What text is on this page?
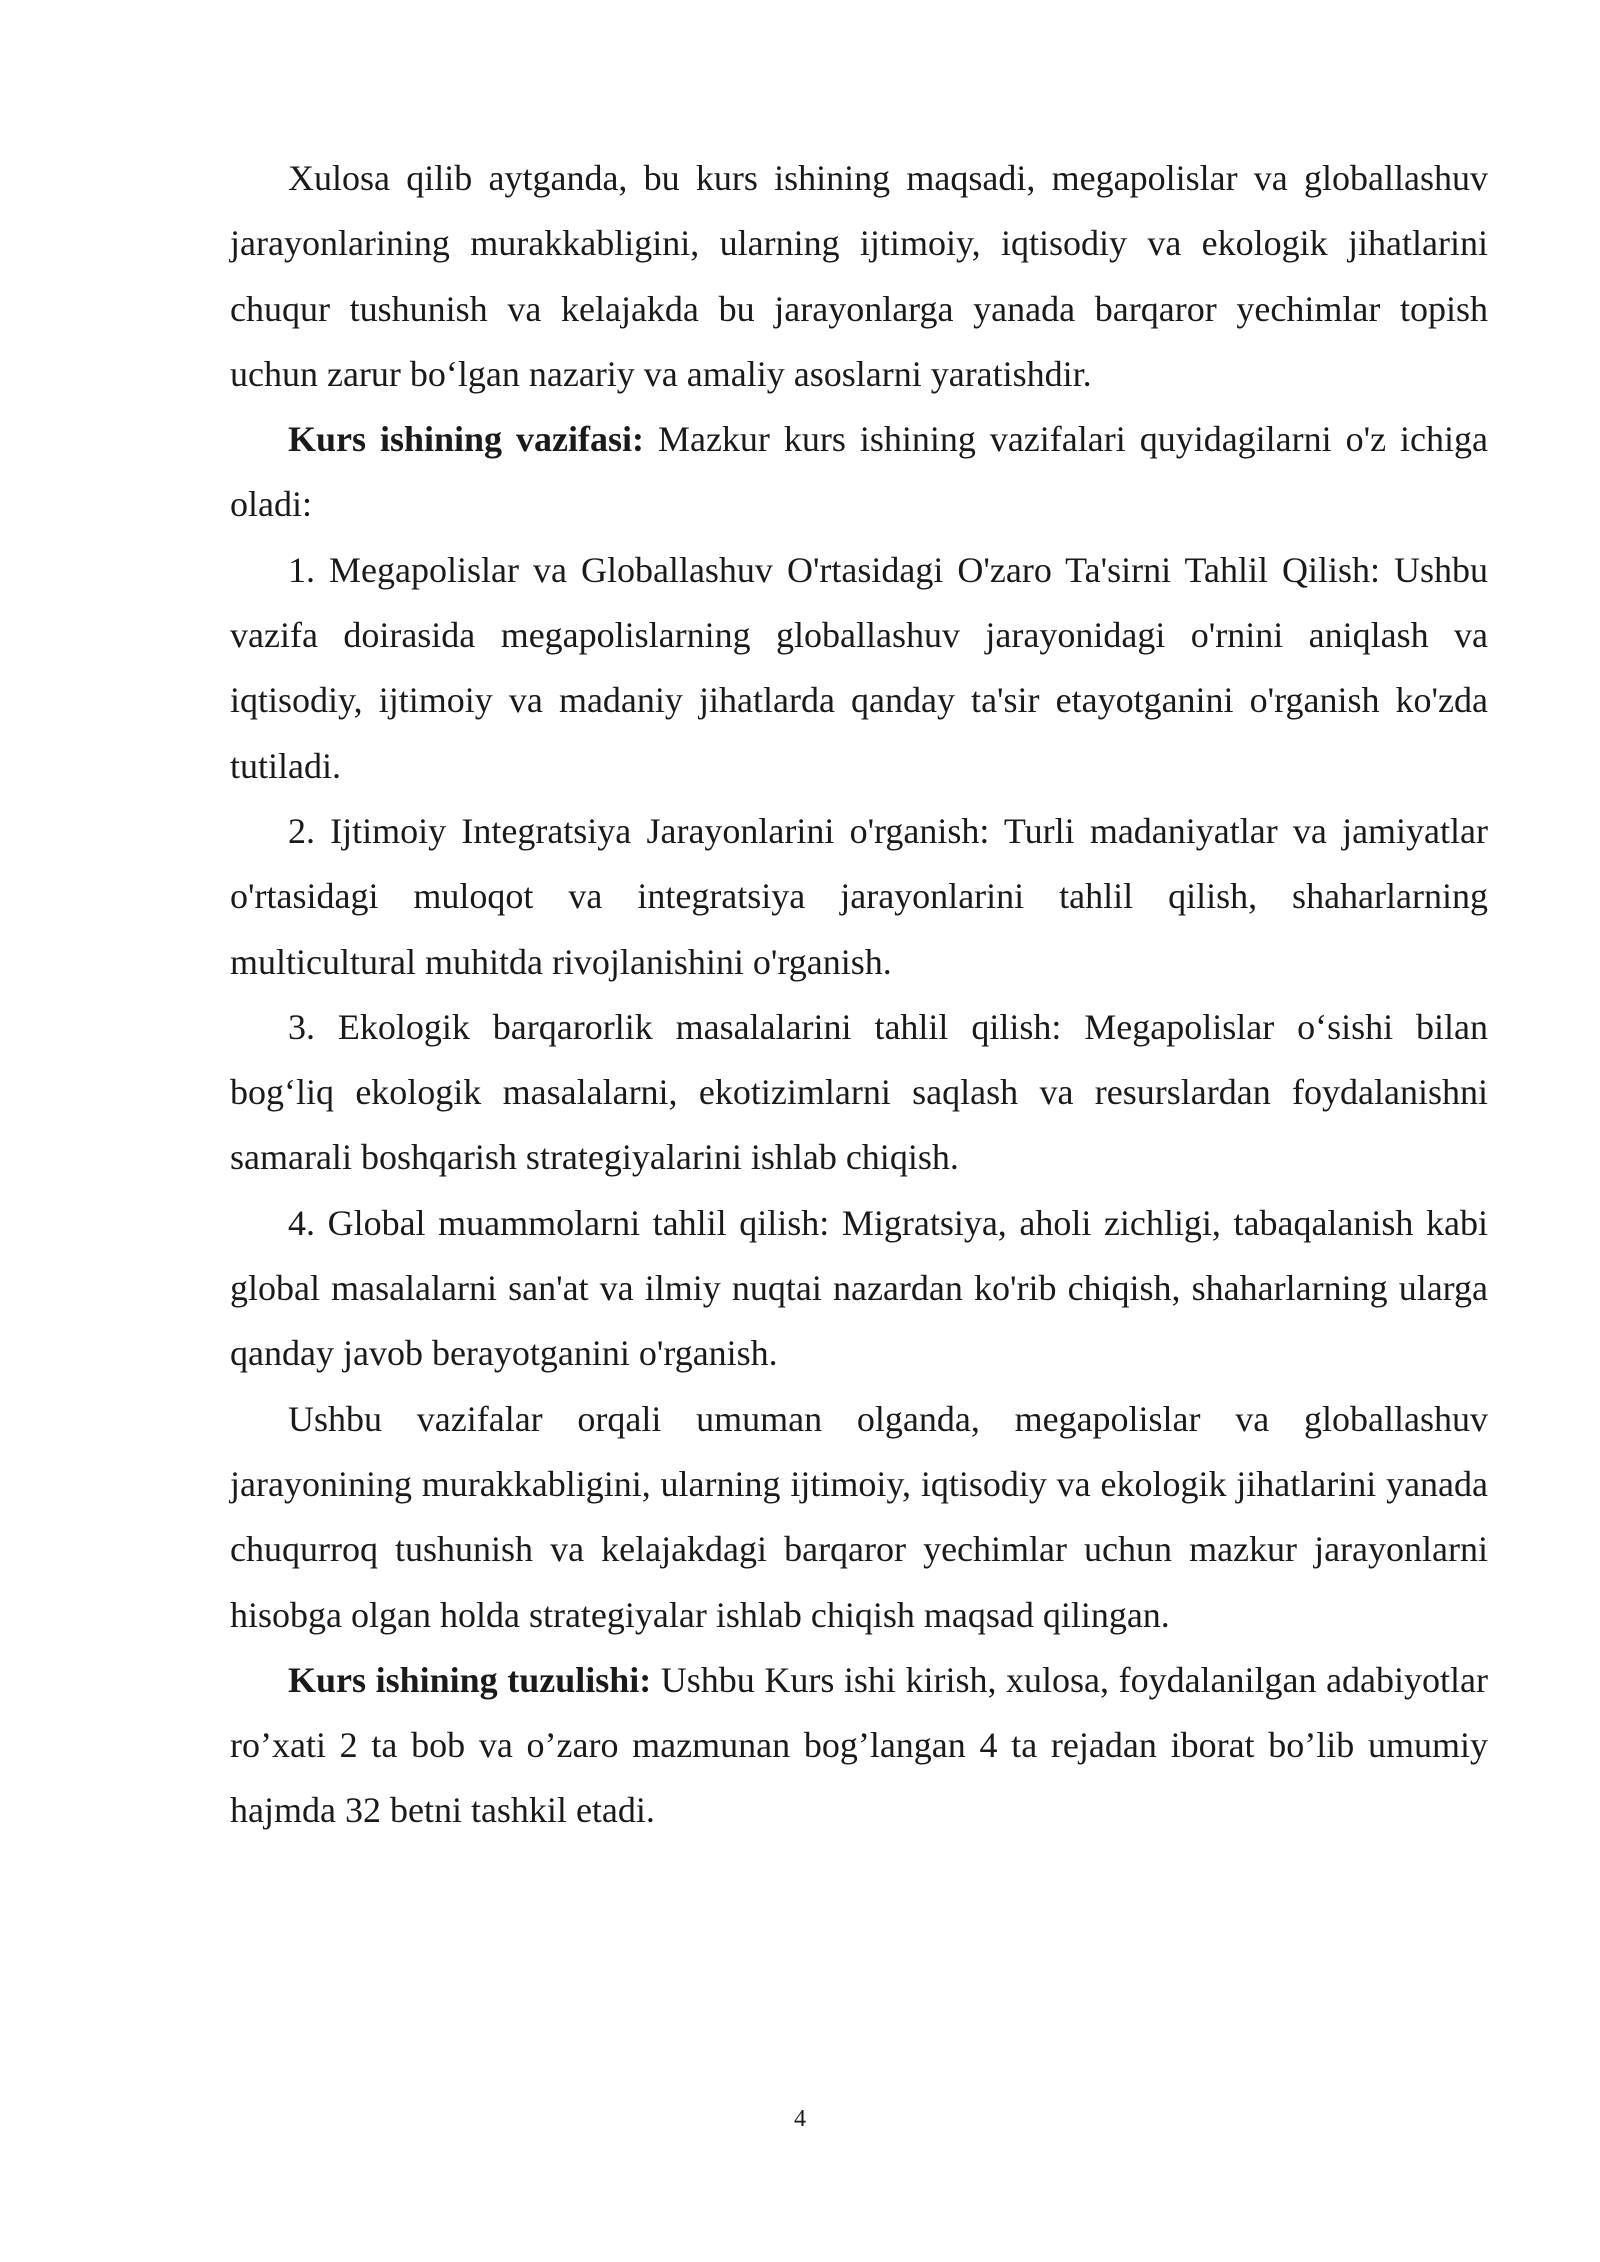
Xulosa qilib aytganda, bu kurs ishining maqsadi, megapolislar va globallashuv jarayonlarining murakkabligini, ularning ijtimoiy, iqtisodiy va ekologik jihatlarini chuqur tushunish va kelajakda bu jarayonlarga yanada barqaror yechimlar topish uchun zarur boʻlgan nazariy va amaliy asoslarni yaratishdir.

Kurs ishining vazifasi: Mazkur kurs ishining vazifalari quyidagilarni o'z ichiga oladi:

1. Megapolislar va Globallashuv O'rtasidagi O'zaro Ta'sirni Tahlil Qilish: Ushbu vazifa doirasida megapolislarning globallashuv jarayonidagi o'rnini aniqlash va iqtisodiy, ijtimoiy va madaniy jihatlarda qanday ta'sir etayotganini o'rganish ko'zda tutiladi.

2. Ijtimoiy Integratsiya Jarayonlarini o'rganish: Turli madaniyatlar va jamiyatlar o'rtasidagi muloqot va integratsiya jarayonlarini tahlil qilish, shaharlarning multicultural muhitda rivojlanishini o'rganish.

3. Ekologik barqarorlik masalalarini tahlil qilish: Megapolislar oʻsishi bilan bogʻliq ekologik masalalarni, ekotizimlarni saqlash va resurslardan foydalanishni samarali boshqarish strategiyalarini ishlab chiqish.

4. Global muammolarni tahlil qilish: Migratsiya, aholi zichligi, tabaqalanish kabi global masalalarni san'at va ilmiy nuqtai nazardan ko'rib chiqish, shaharlarning ularga qanday javob berayotganini o'rganish.

Ushbu vazifalar orqali umuman olganda, megapolislar va globallashuv jarayonining murakkabligini, ularning ijtimoiy, iqtisodiy va ekologik jihatlarini yanada chuqurroq tushunish va kelajakdagi barqaror yechimlar uchun mazkur jarayonlarni hisobga olgan holda strategiyalar ishlab chiqish maqsad qilingan.

Kurs ishining tuzulishi: Ushbu Kurs ishi kirish, xulosa, foydalanilgan adabiyotlar ro’xati 2 ta bob va o’zaro mazmunan bog’langan 4 ta rejadan iborat bo’lib umumiy hajmda 32 betni tashkil etadi.

4
